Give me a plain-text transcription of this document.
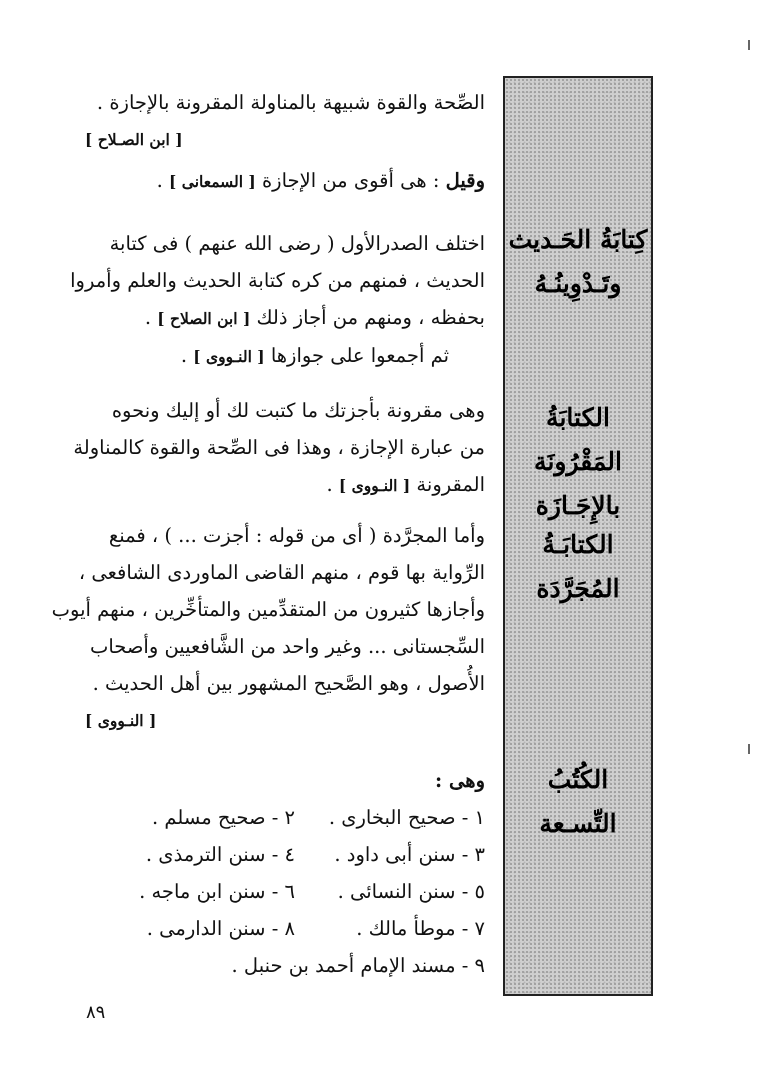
كِتابَةُ الحَـديث
وتَـدْوِينُـهُ
الكتابَةُ المَقْرُونَة
بالإِجَـازَة
الكتابَـةُ المُجَرَّدَة
الكُتُبُ التِّسـعة
الصِّحة والقوة شبيهة بالمناولة المقرونة بالإجازة .
[ ابن الصـلاح ]
وقيل : هى أقوى من الإجازة [ السمعانى ] .
اختلف الصدرالأول ( رضى الله عنهم ) فى كتابة
الحديث ، فمنهم من كره كتابة الحديث والعلم وأمروا
بحفظه ، ومنهم من أجاز ذلك [ ابن الصلاح ] .
ثم أجمعوا على جوازها [ النـووى ] .
وهى مقرونة بأجزتك ما كتبت لك أو إليك ونحوه
من عبارة الإجازة ، وهذا فى الصِّحة والقوة كالمناولة
المقرونة [ النـووى ] .
وأما المجرَّدة ( أى من قوله : أجزت ... ) ، فمنع
الرِّواية بها قوم ، منهم القاضى الماوردى الشافعى ،
وأجازها كثيرون من المتقدِّمين والمتأخِّرين ، منهم أيوب
السِّجستانى ... وغير واحد من الشَّافعيين وأصحاب
الأُصول ، وهو الصَّحيح المشهور بين أهل الحديث .
[ النـووى ]
وهى :
١ - صحيح البخارى .
٢ - صحيح مسلم .
٣ - سنن أبى داود .
٤ - سنن الترمذى .
٥ - سنن النسائى .
٦ - سنن ابن ماجه .
٧ - موطأ مالك .
٨ - سنن الدارمى .
٩ - مسند الإمام أحمد بن حنبل .
٨٩
